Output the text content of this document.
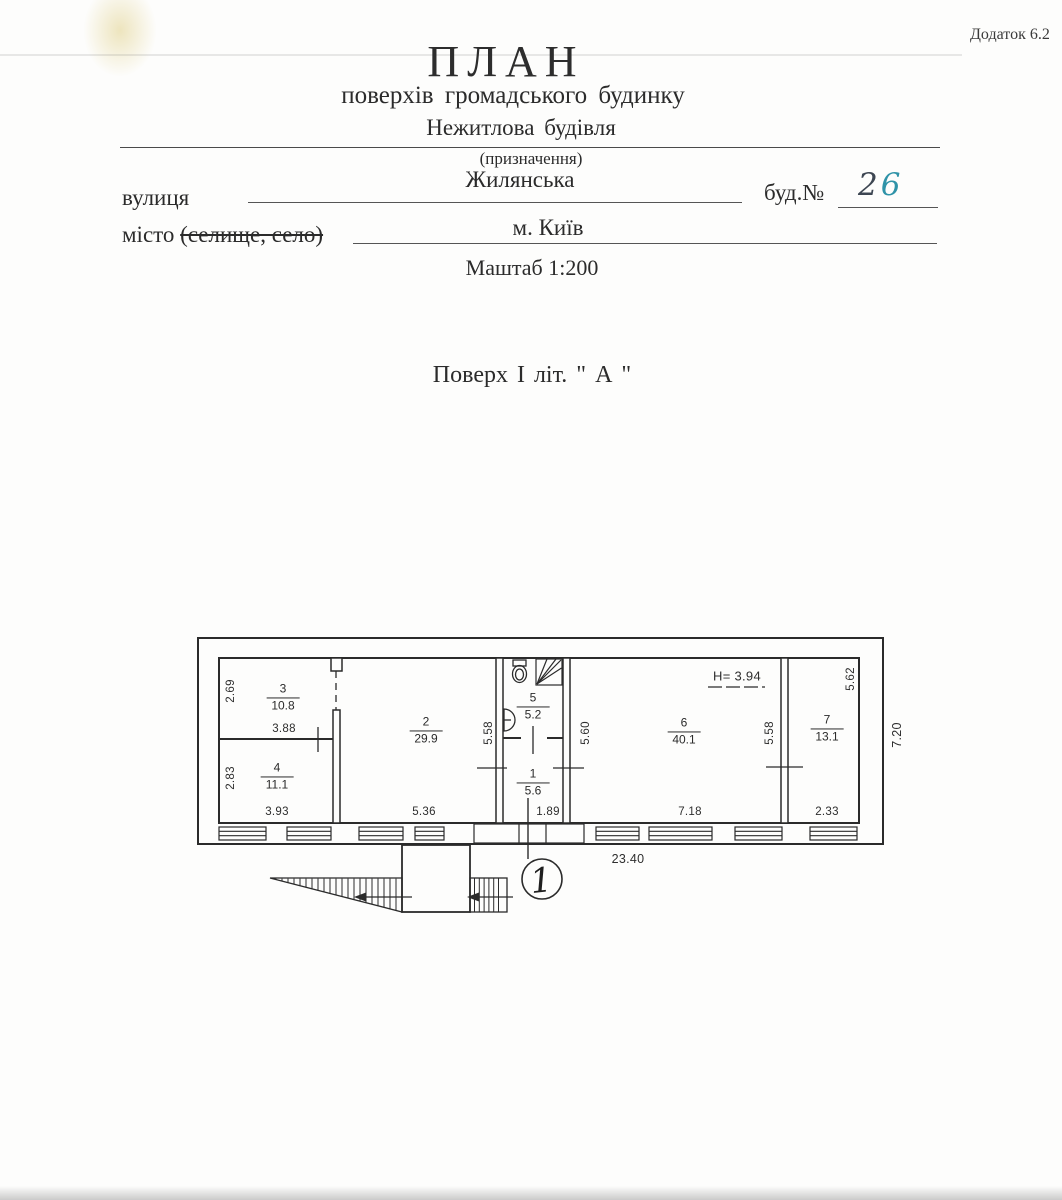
Додаток 6.2
ПЛАН
поверхів громадського будинку
Нежитлова будівля
(призначення)
вулиця
Жилянська
буд.№ 26
місто (селище, село)	м. Київ
Маштаб 1:200
Поверх І літ. " А "
1
3
10.8
4
11.1
2
29.9
5
5.2
1
5.6
6
40.1
7
13.1
3.88
3.93	5.36	1.89	7.18	2.33
23.40
2.69
2.83
5.58	5.60	5.58
5.62
7.20
H= 3.94
